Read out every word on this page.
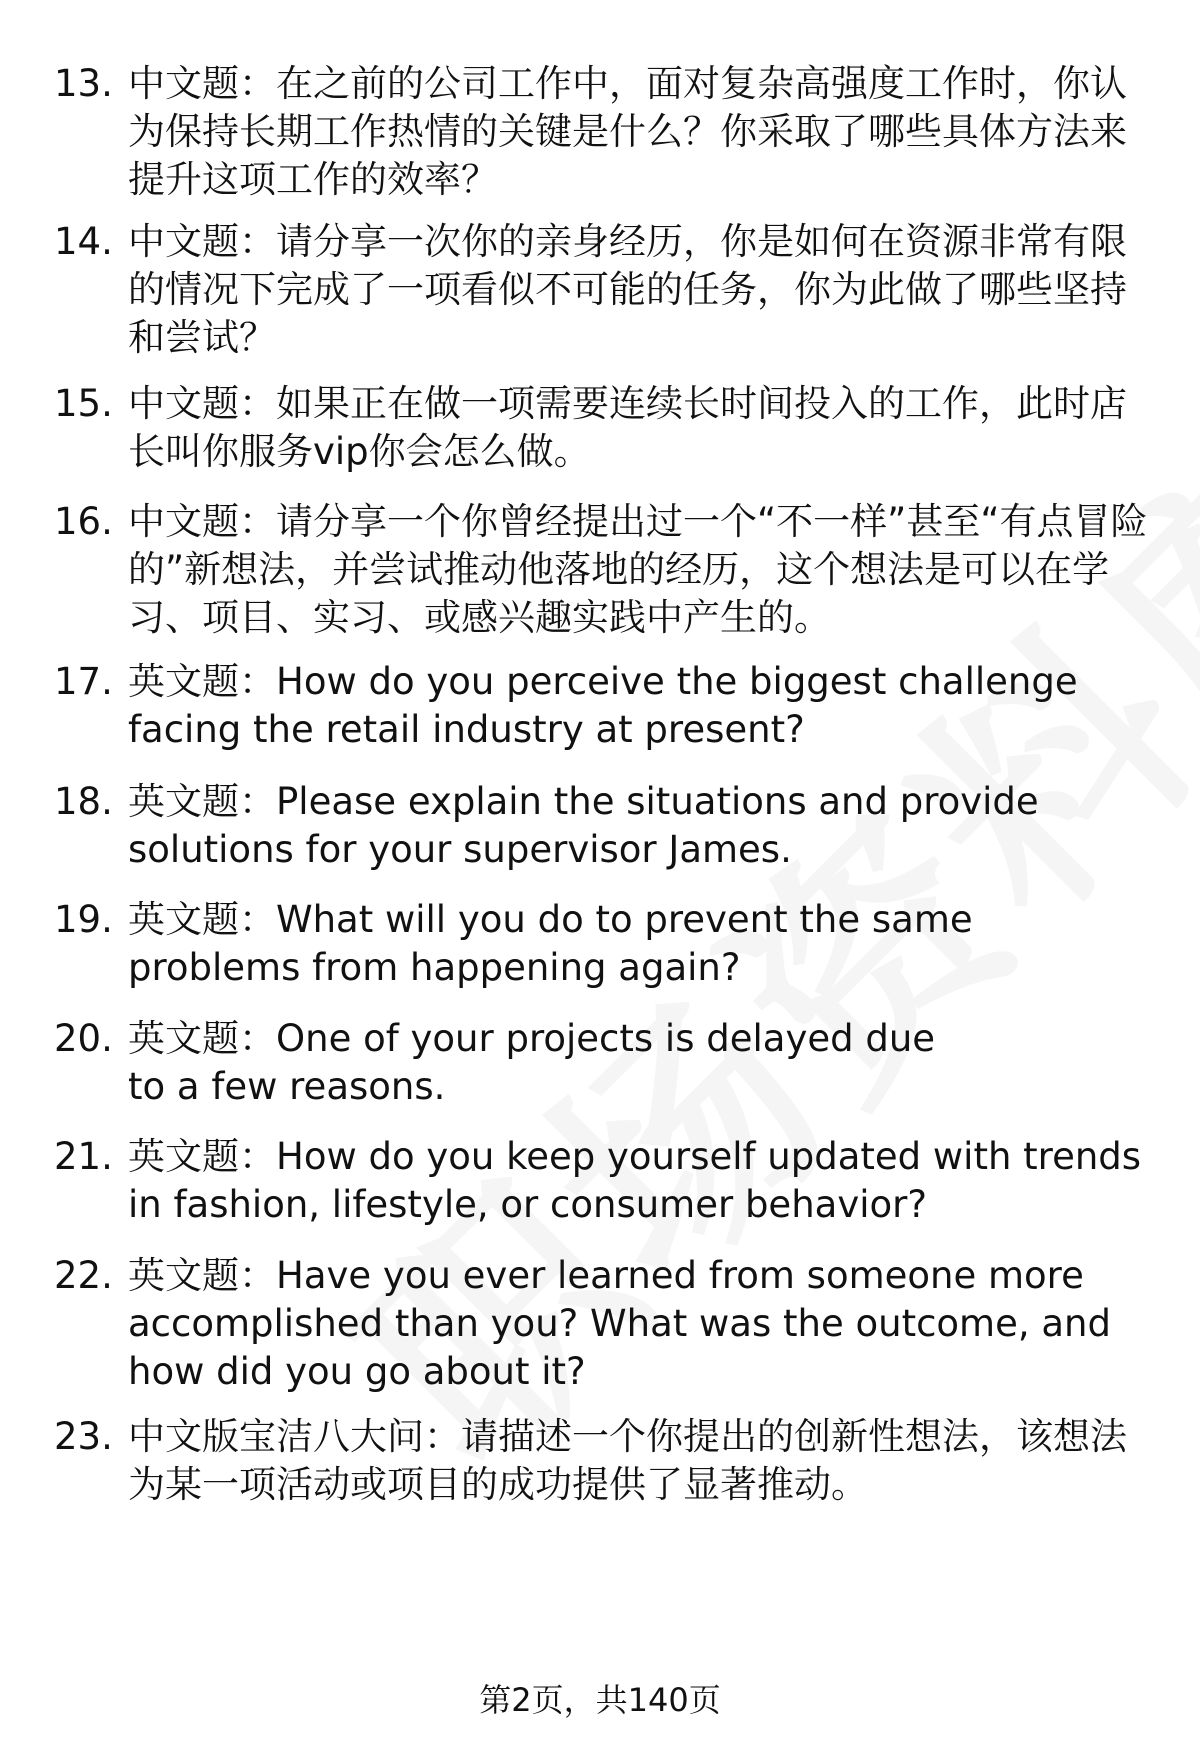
13. 中文题：在之前的公司工作中，面对复杂高强度工作时，你认为保持长期工作热情的关键是什么？你采取了哪些具体方法来提升这项工作的效率？
14. 中文题：请分享一次你的亲身经历，你是如何在资源非常有限的情况下完成了一项看似不可能的任务，你为此做了哪些坚持和尝试？
15. 中文题：如果正在做一项需要连续长时间投入的工作，此时店长叫你服务vip你会怎么做。
16. 中文题：请分享一个你曾经提出过一个“不一样”甚至“有点冒险的”新想法，并尝试推动他落地的经历，这个想法是可以在学习、项目、实习、或感兴趣实践中产生的。
17. 英文题：How do you perceive the biggest challenge facing the retail industry at present?
18. 英文题：Please explain the situations and provide solutions for your supervisor James.
19. 英文题：What will you do to prevent the same problems from happening again?
20. 英文题：One of your projects is delayed due to a few reasons.
21. 英文题：How do you keep yourself updated with trends in fashion, lifestyle, or consumer behavior?
22. 英文题：Have you ever learned from someone more accomplished than you? What was the outcome, and how did you go about it?
23. 中文版宝洁八大问：请描述一个你提出的创新性想法，该想法为某一项活动或项目的成功提供了显著推动。
第2页，共140页
